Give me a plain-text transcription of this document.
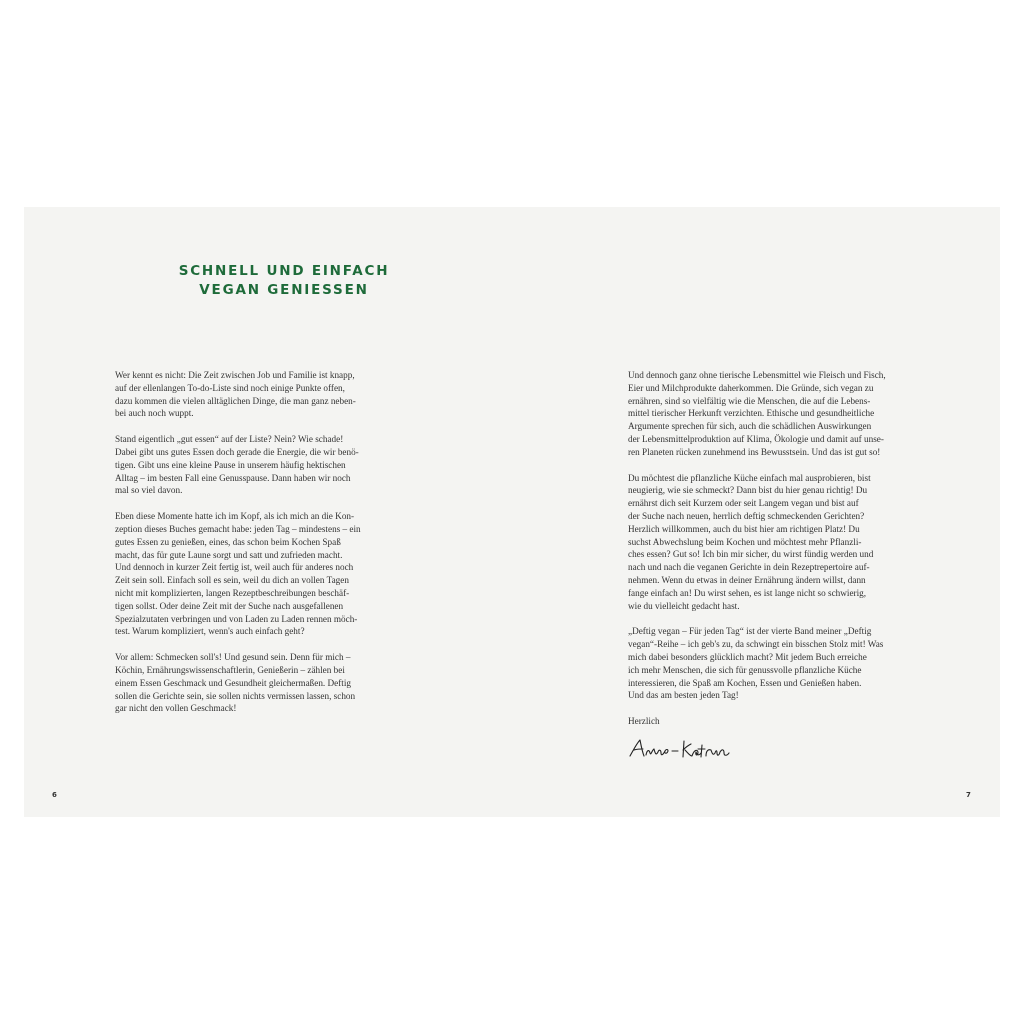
SCHNELL UND EINFACH
VEGAN GENIESSEN

Wer kennt es nicht: Die Zeit zwischen Job und Familie ist knapp,
auf der ellenlangen To-do-Liste sind noch einige Punkte offen,
dazu kommen die vielen alltäglichen Dinge, die man ganz neben-
bei auch noch wuppt.

Stand eigentlich „gut essen“ auf der Liste? Nein? Wie schade!
Dabei gibt uns gutes Essen doch gerade die Energie, die wir benö-
tigen. Gibt uns eine kleine Pause in unserem häufig hektischen
Alltag – im besten Fall eine Genusspause. Dann haben wir noch
mal so viel davon.

Eben diese Momente hatte ich im Kopf, als ich mich an die Kon-
zeption dieses Buches gemacht habe: jeden Tag – mindestens – ein
gutes Essen zu genießen, eines, das schon beim Kochen Spaß
macht, das für gute Laune sorgt und satt und zufrieden macht.
Und dennoch in kurzer Zeit fertig ist, weil auch für anderes noch
Zeit sein soll. Einfach soll es sein, weil du dich an vollen Tagen
nicht mit komplizierten, langen Rezeptbeschreibungen beschäf-
tigen sollst. Oder deine Zeit mit der Suche nach ausgefallenen
Spezialzutaten verbringen und von Laden zu Laden rennen möch-
test. Warum kompliziert, wenn's auch einfach geht?

Vor allem: Schmecken soll's! Und gesund sein. Denn für mich –
Köchin, Ernährungswissenschaftlerin, Genießerin – zählen bei
einem Essen Geschmack und Gesundheit gleichermaßen. Deftig
sollen die Gerichte sein, sie sollen nichts vermissen lassen, schon
gar nicht den vollen Geschmack!

Und dennoch ganz ohne tierische Lebensmittel wie Fleisch und Fisch,
Eier und Milchprodukte daherkommen. Die Gründe, sich vegan zu
ernähren, sind so vielfältig wie die Menschen, die auf die Lebens-
mittel tierischer Herkunft verzichten. Ethische und gesundheitliche
Argumente sprechen für sich, auch die schädlichen Auswirkungen
der Lebensmittelproduktion auf Klima, Ökologie und damit auf unse-
ren Planeten rücken zunehmend ins Bewusstsein. Und das ist gut so!

Du möchtest die pflanzliche Küche einfach mal ausprobieren, bist
neugierig, wie sie schmeckt? Dann bist du hier genau richtig! Du
ernährst dich seit Kurzem oder seit Langem vegan und bist auf
der Suche nach neuen, herrlich deftig schmeckenden Gerichten?
Herzlich willkommen, auch du bist hier am richtigen Platz! Du
suchst Abwechslung beim Kochen und möchtest mehr Pflanzli-
ches essen? Gut so! Ich bin mir sicher, du wirst fündig werden und
nach und nach die veganen Gerichte in dein Rezeptrepertoire auf-
nehmen. Wenn du etwas in deiner Ernährung ändern willst, dann
fange einfach an! Du wirst sehen, es ist lange nicht so schwierig,
wie du vielleicht gedacht hast.

„Deftig vegan – Für jeden Tag“ ist der vierte Band meiner „Deftig
vegan“-Reihe – ich geb's zu, da schwingt ein bisschen Stolz mit! Was
mich dabei besonders glücklich macht? Mit jedem Buch erreiche
ich mehr Menschen, die sich für genussvolle pflanzliche Küche
interessieren, die Spaß am Kochen, Essen und Genießen haben.
Und das am besten jeden Tag!

Herzlich

6	7
